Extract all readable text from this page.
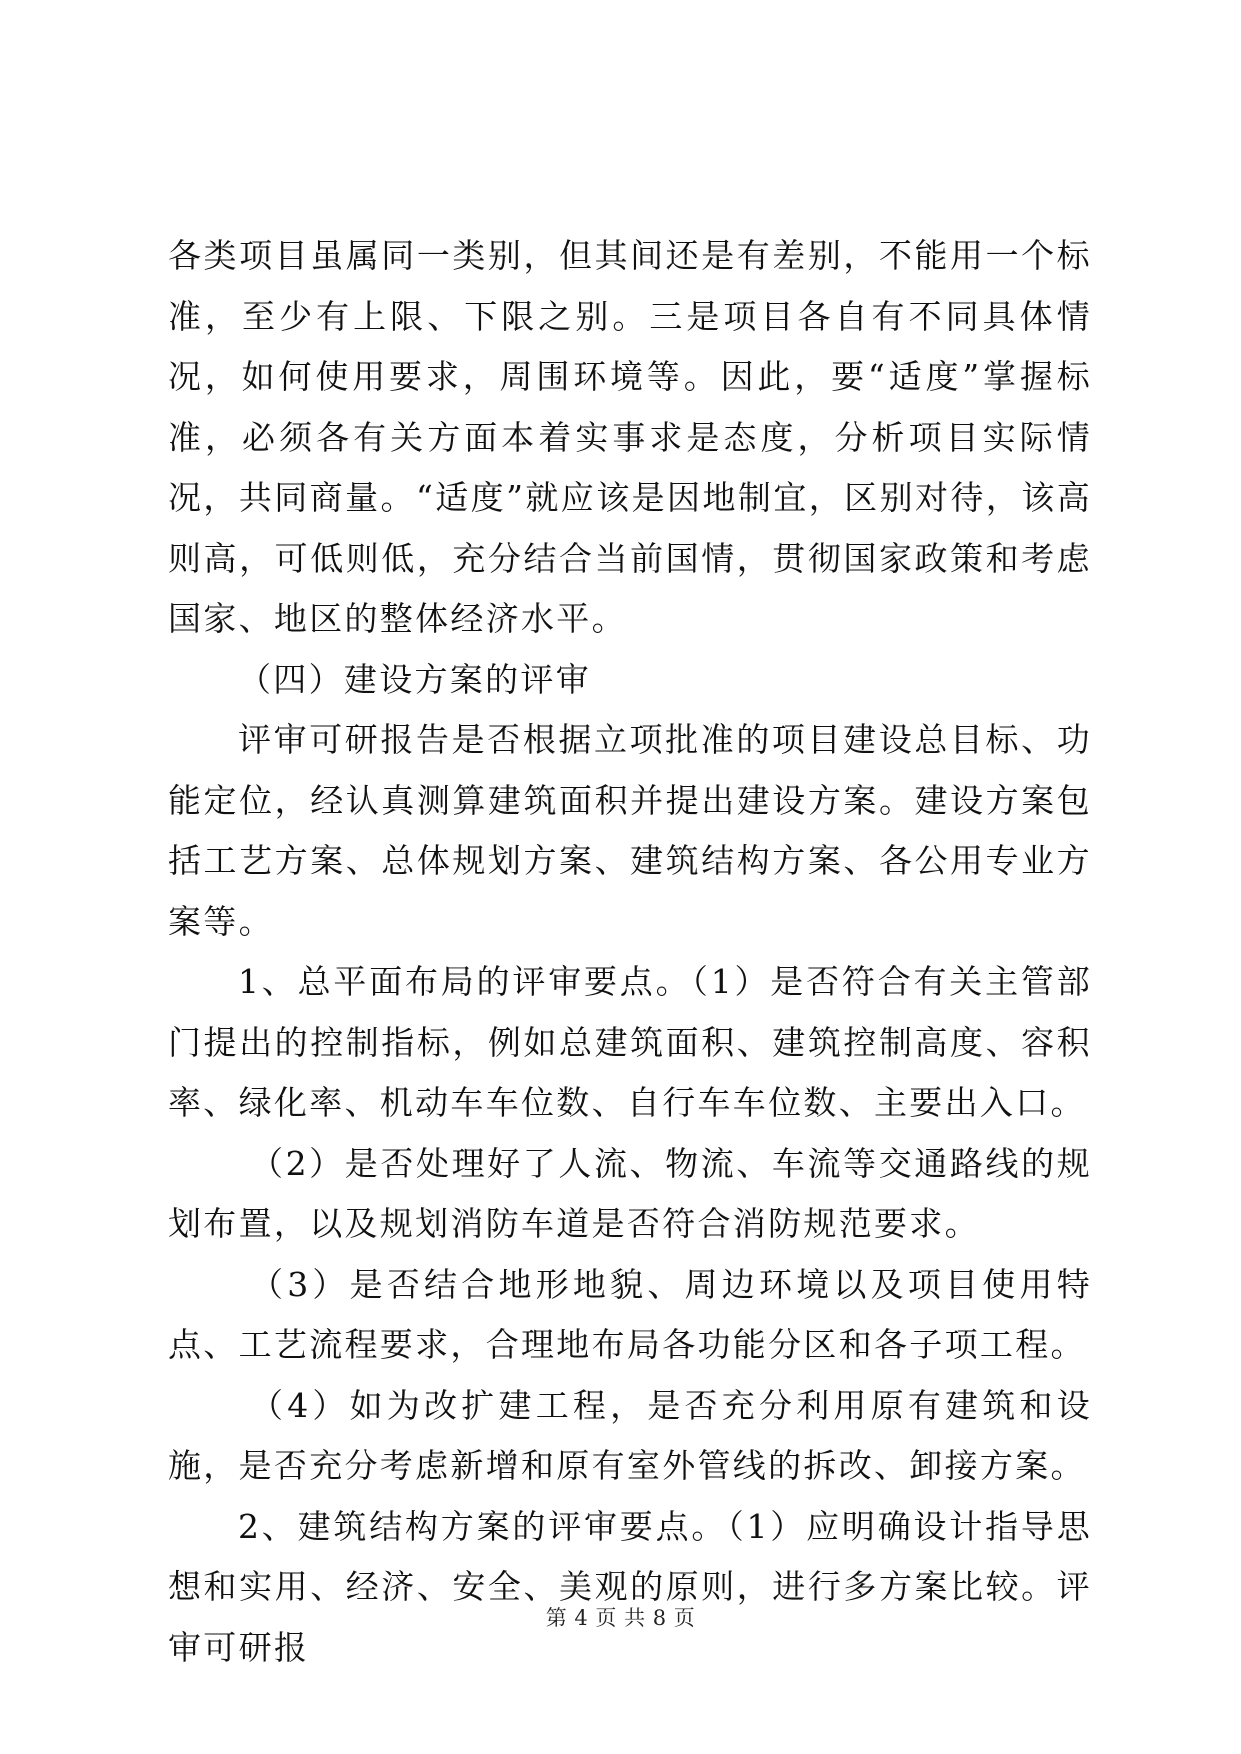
各类项目虽属同一类别，但其间还是有差别，不能用一个标准，至少有上限、下限之别。三是项目各自有不同具体情况，如何使用要求，周围环境等。因此，要“适度”掌握标准，必须各有关方面本着实事求是态度，分析项目实际情况，共同商量。“适度”就应该是因地制宜，区别对待，该高则高，可低则低，充分结合当前国情，贯彻国家政策和考虑国家、地区的整体经济水平。

（四）建设方案的评审

评审可研报告是否根据立项批准的项目建设总目标、功能定位，经认真测算建筑面积并提出建设方案。建设方案包括工艺方案、总体规划方案、建筑结构方案、各公用专业方案等。

1、总平面布局的评审要点。（1）是否符合有关主管部门提出的控制指标，例如总建筑面积、建筑控制高度、容积率、绿化率、机动车车位数、自行车车位数、主要出入口。

（2）是否处理好了人流、物流、车流等交通路线的规划布置，以及规划消防车道是否符合消防规范要求。

（3）是否结合地形地貌、周边环境以及项目使用特点、工艺流程要求，合理地布局各功能分区和各子项工程。

（4）如为改扩建工程，是否充分利用原有建筑和设施，是否充分考虑新增和原有室外管线的拆改、卸接方案。

2、建筑结构方案的评审要点。（1）应明确设计指导思想和实用、经济、安全、美观的原则，进行多方案比较。评审可研报

第 4 页 共 8 页
